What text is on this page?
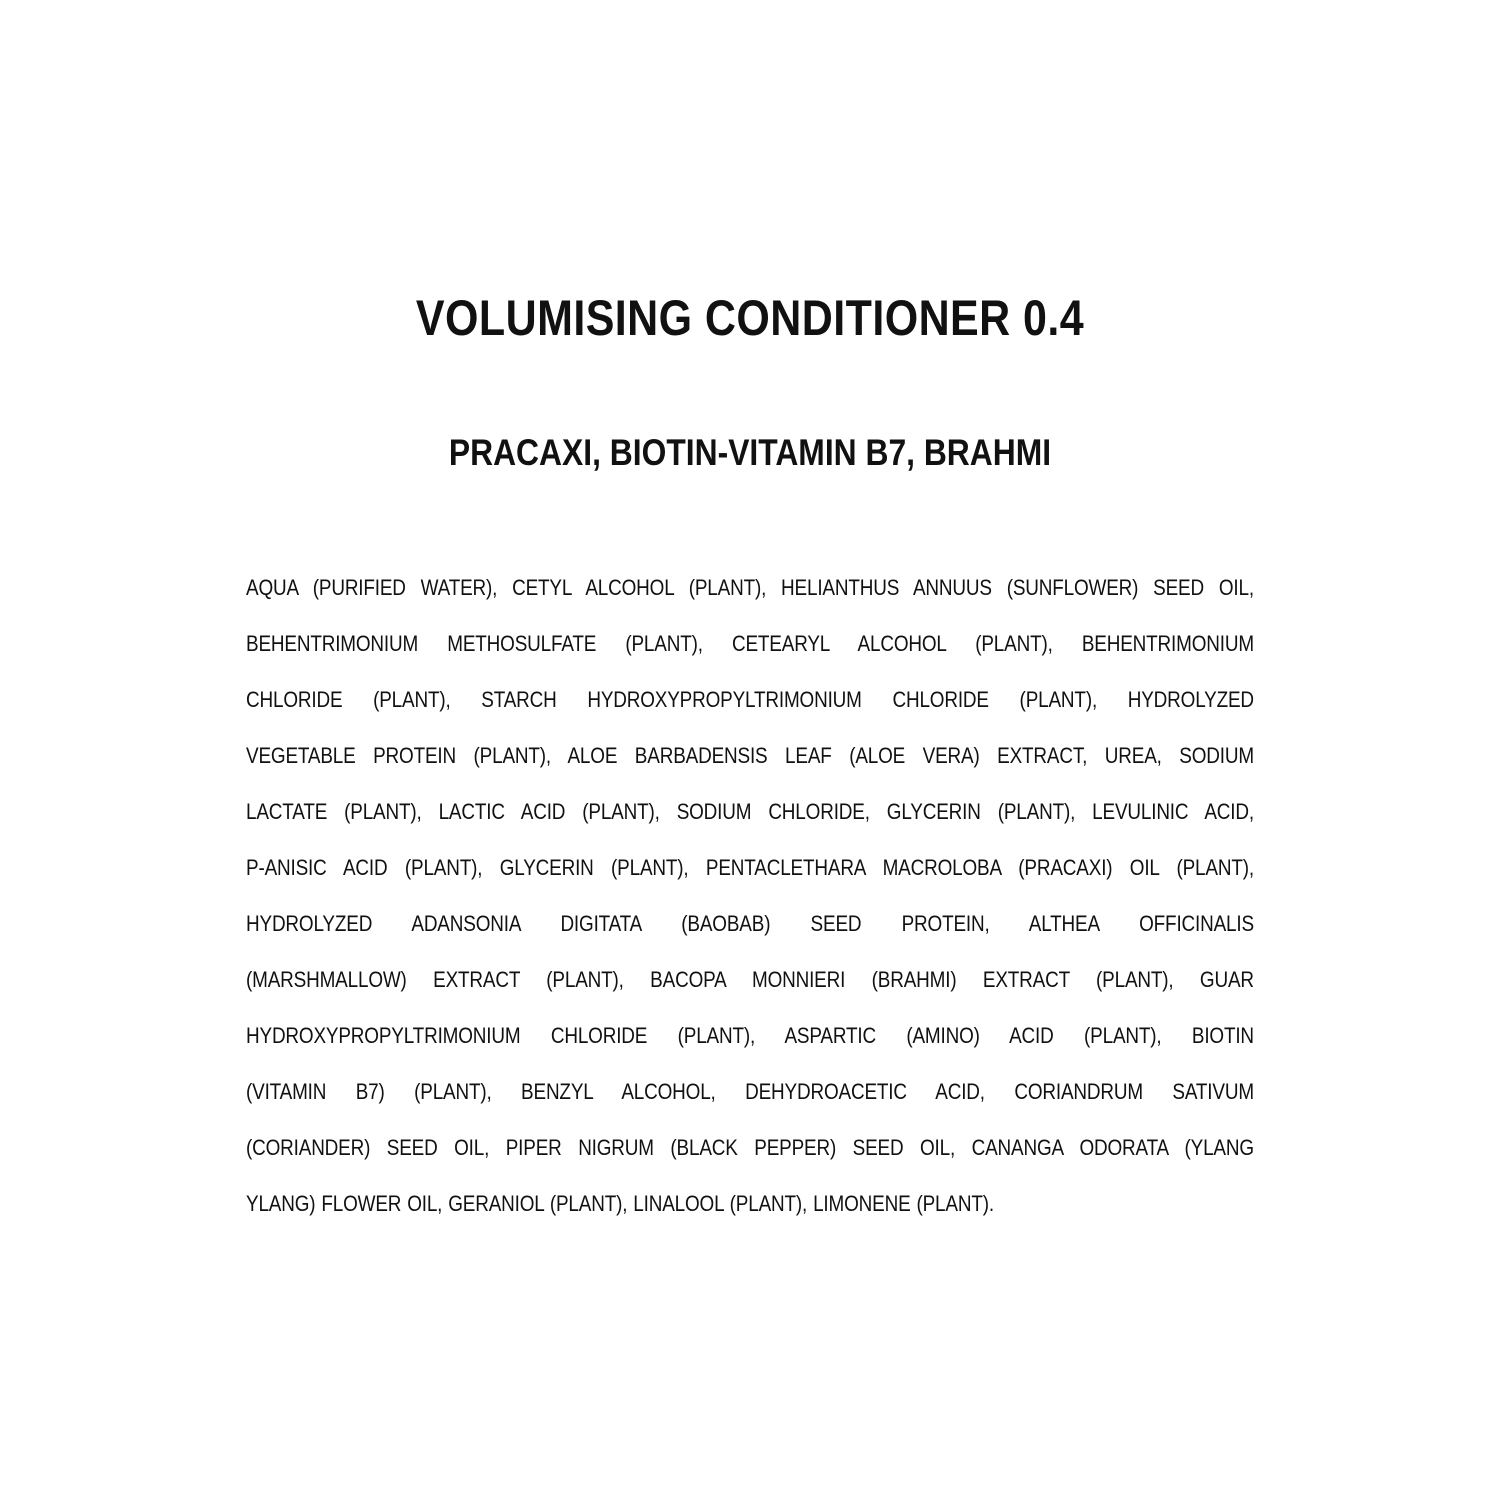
VOLUMISING CONDITIONER 0.4
PRACAXI, BIOTIN-VITAMIN B7, BRAHMI
AQUA (PURIFIED WATER), CETYL ALCOHOL (PLANT), HELIANTHUS ANNUUS (SUNFLOWER) SEED OIL,
BEHENTRIMONIUM METHOSULFATE (PLANT), CETEARYL ALCOHOL (PLANT), BEHENTRIMONIUM
CHLORIDE (PLANT), STARCH HYDROXYPROPYLTRIMONIUM CHLORIDE (PLANT), HYDROLYZED
VEGETABLE PROTEIN (PLANT), ALOE BARBADENSIS LEAF (ALOE VERA) EXTRACT, UREA, SODIUM
LACTATE (PLANT), LACTIC ACID (PLANT), SODIUM CHLORIDE, GLYCERIN (PLANT), LEVULINIC ACID,
P-ANISIC ACID (PLANT), GLYCERIN (PLANT), PENTACLETHARA MACROLOBA (PRACAXI) OIL (PLANT),
HYDROLYZED ADANSONIA DIGITATA (BAOBAB) SEED PROTEIN, ALTHEA OFFICINALIS
(MARSHMALLOW) EXTRACT (PLANT), BACOPA MONNIERI (BRAHMI) EXTRACT (PLANT), GUAR
HYDROXYPROPYLTRIMONIUM CHLORIDE (PLANT), ASPARTIC (AMINO) ACID (PLANT), BIOTIN
(VITAMIN B7) (PLANT), BENZYL ALCOHOL, DEHYDROACETIC ACID, CORIANDRUM SATIVUM
(CORIANDER) SEED OIL, PIPER NIGRUM (BLACK PEPPER) SEED OIL, CANANGA ODORATA (YLANG
YLANG) FLOWER OIL, GERANIOL (PLANT), LINALOOL (PLANT), LIMONENE (PLANT).
